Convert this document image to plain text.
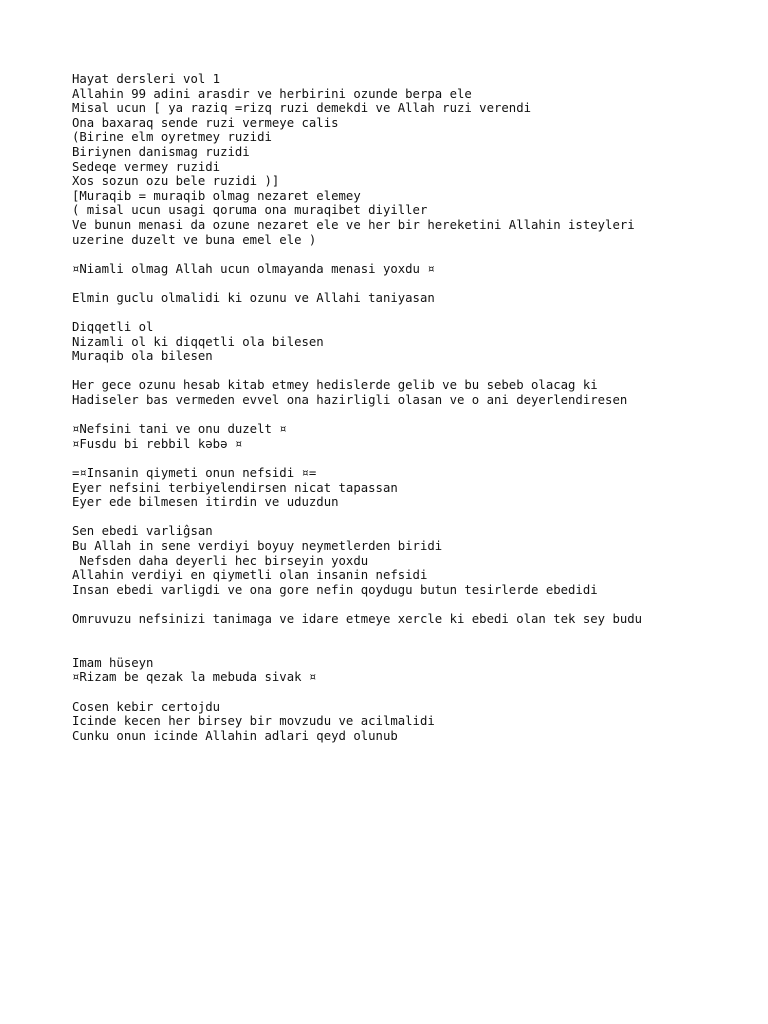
Hayat dersleri vol 1
Allahin 99 adini arasdir ve herbirini ozunde berpa ele
Misal ucun [ ya raziq =rizq ruzi demekdi ve Allah ruzi verendi
Ona baxaraq sende ruzi vermeye calis
(Birine elm oyretmey ruzidi
Biriynen danismag ruzidi
Sedeqe vermey ruzidi
Xos sozun ozu bele ruzidi )]
[Muraqib = muraqib olmag nezaret elemey
( misal ucun usagi qoruma ona muraqibet diyiller
Ve bunun menasi da ozune nezaret ele ve her bir hereketini Allahin isteyleri
uzerine duzelt ve buna emel ele )
¤Niamli olmag Allah ucun olmayanda menasi yoxdu ¤
Elmin guclu olmalidi ki ozunu ve Allahi taniyasan
Diqqetli ol
Nizamli ol ki diqqetli ola bilesen
Muraqib ola bilesen
Her gece ozunu hesab kitab etmey hedislerde gelib ve bu sebeb olacag ki
Hadiseler bas vermeden evvel ona hazirligli olasan ve o ani deyerlendiresen
¤Nefsini tani ve onu duzelt ¤
¤Fusdu bi rebbil kəbə ¤
=¤Insanin qiymeti onun nefsidi ¤=
Eyer nefsini terbiyelendirsen nicat tapassan
Eyer ede bilmesen itirdin ve uduzdun
Sen ebedi varliĝsan
Bu Allah in sene verdiyi boyuy neymetlerden biridi
Nefsden daha deyerli hec birseyin yoxdu
Allahin verdiyi en qiymetli olan insanin nefsidi
Insan ebedi varligdi ve ona gore nefin qoydugu butun tesirlerde ebedidi
Omruvuzu nefsinizi tanimaga ve idare etmeye xercle ki ebedi olan tek sey budu
Imam hüseyn
¤Rizam be qezak la mebuda sivak ¤
Cosen kebir certojdu
Icinde kecen her birsey bir movzudu ve acilmalidi
Cunku onun icinde Allahin adlari qeyd olunub
